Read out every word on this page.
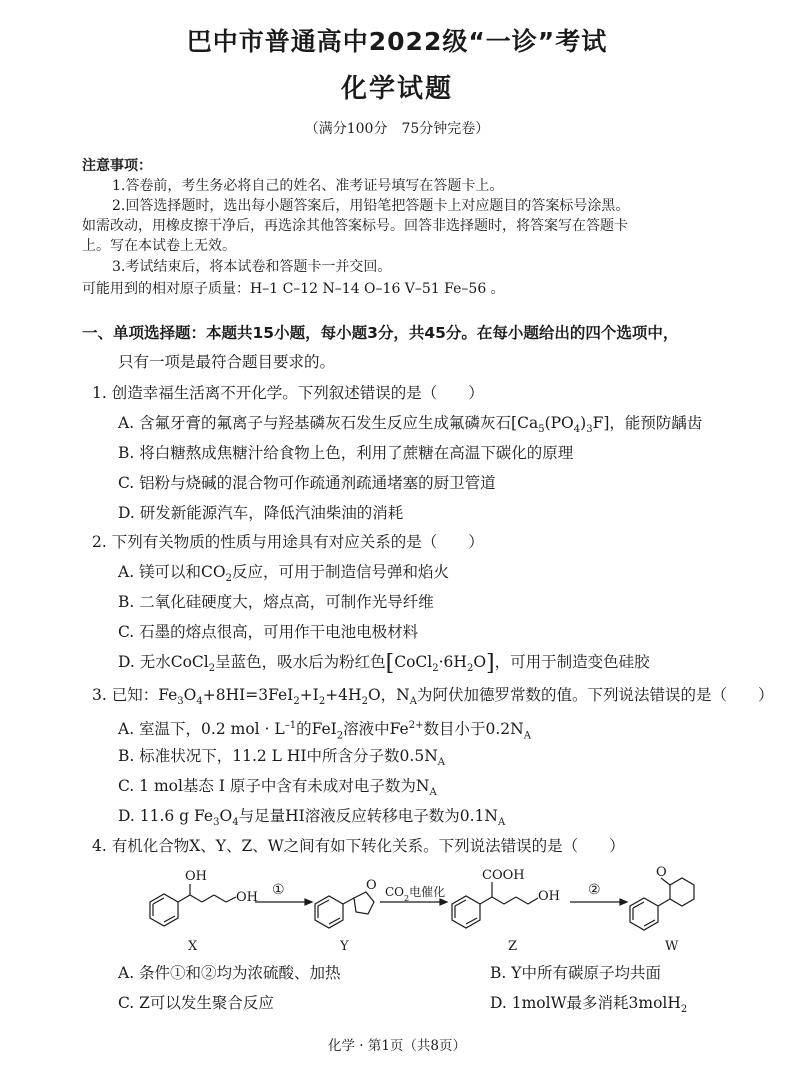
巴中市普通高中2022级“一诊”考试
化学试题
（满分100分　75分钟完卷）
注意事项：
1.答卷前，考生务必将自己的姓名、准考证号填写在答题卡上。
2.回答选择题时，选出每小题答案后，用铅笔把答题卡上对应题目的答案标号涂黑。
如需改动，用橡皮擦干净后，再选涂其他答案标号。回答非选择题时，将答案写在答题卡
上。写在本试卷上无效。
3.考试结束后，将本试卷和答题卡一并交回。
可能用到的相对原子质量：H–1 C–12 N–14 O–16 V–51 Fe–56 。
一、单项选择题：本题共15小题，每小题3分，共45分。在每小题给出的四个选项中，
只有一项是最符合题目要求的。
1. 创造幸福生活离不开化学。下列叙述错误的是（　　）
A. 含氟牙膏的氟离子与羟基磷灰石发生反应生成氟磷灰石$[Ca_5(PO_4)_3F]$，能预防龋齿
B. 将白糖熬成焦糖汁给食物上色，利用了蔗糖在高温下碳化的原理
C. 铝粉与烧碱的混合物可作疏通剂疏通堵塞的厨卫管道
D. 研发新能源汽车，降低汽油柴油的消耗
2. 下列有关物质的性质与用途具有对应关系的是（　　）
A. 镁可以和$CO_2$反应，可用于制造信号弹和焰火
B. 二氧化硅硬度大，熔点高，可制作光导纤维
C. 石墨的熔点很高，可用作干电池电极材料
D. 无水CoCl$_2$呈蓝色，吸水后为粉红色$[CoCl_2\cdot 6H_2O]$，可用于制造变色硅胶
3. 已知：$Fe_3O_4+8HI=3FeI_2+I_2+4H_2O$，$N_A$为阿伏加德罗常数的值。下列说法错误的是（　　）
A. 室温下，0.2 mol · $L^{-1}$的FeI$_2$溶液中$Fe^{2+}$数目小于$0.2N_A$
B. 标准状况下，11.2 L HI中所含分子数$0.5N_A$
C. 1 mol基态 I 原子中含有未成对电子数为$N_A$
D. 11.6 g $Fe_3O_4$与足量HI溶液反应转移电子数为$0.1N_A$
4. 有机化合物X、Y、Z、W之间有如下转化关系。下列说法错误的是（　　）
OH
OH ①	O $CO_2$电催化
COOH
OH ②
O
X	Y	Z	W
A. 条件①和②均为浓硫酸、加热	B. Y中所有碳原子均共面
C. Z可以发生聚合反应	D. 1molW最多消耗3molH$_2$
化学 · 第1页（共8页）
